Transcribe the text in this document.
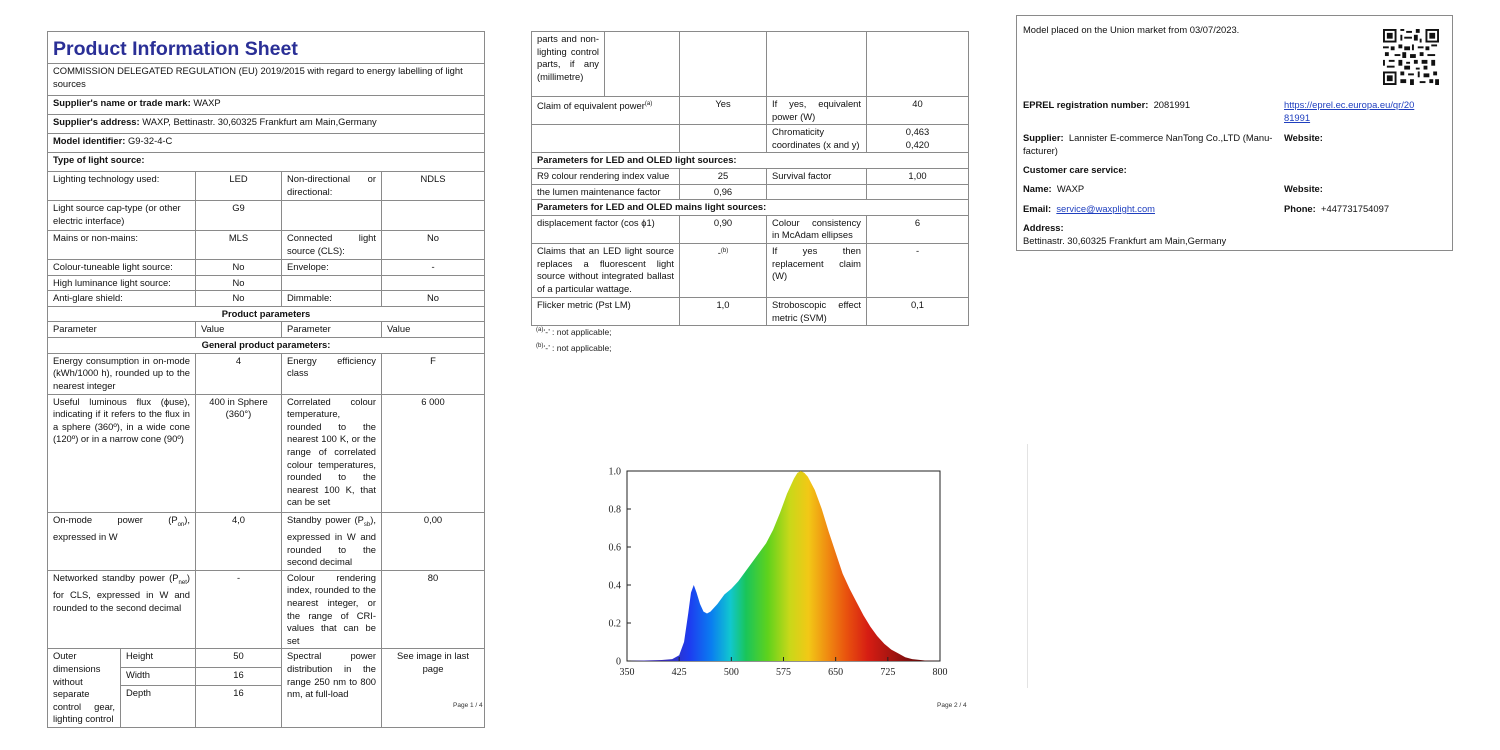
Product Information Sheet				
COMMISSION DELEGATED REGULATION (EU) 2019/2015 with regard to energy labelling of light sources				
Supplier's name or trade mark: WAXP				
Supplier's address: WAXP, Bettinastr. 30,60325 Frankfurt am Main,Germany				
Model identifier: G9-32-4-C				
Type of light source:				
Lighting technology used:		LED	Non-directional or directional:	NDLS
Light source cap-type (or other electric interface)		G9		
Mains or non-mains:		MLS	Connected light source (CLS):	No
Colour-tuneable light source:		No	Envelope:	-
High luminance light source:		No		
Anti-glare shield:		No	Dimmable:	No
Product parameters				
Parameter		Value	Parameter	Value
General product parameters:				
Energy consumption in on-mode (kWh/1000 h), rounded up to the nearest integer		4	Energy efficiency class	F
Useful luminous flux (ϕuse), indicating if it refers to the flux in a sphere (360º), in a wide cone (120º) or in a narrow cone (90º)		400 in Sphere (360°)	Correlated colour temperature, rounded to the nearest 100 K, or the range of correlated colour temperatures, rounded to the nearest 100 K, that can be set	6 000
On-mode power $(P_{on})$, expressed in W		4,0	Standby power $(P_{sb})$, expressed in W and rounded to the second decimal	0,00
Networked standby power $(P_{net})$ for CLS, expressed in W and rounded to the second decimal		-	Colour rendering index, rounded to the nearest integer, or the range of CRI-values that can be set	80
Outer dimensions without separate control gear, lighting control	Height	50	Spectral power distribution in the range 250 nm to 800 nm, at full-load	See image in last page
	Width	16		
	Depth	16		
Page 1 / 4
parts and non-lighting control parts, if any (millimetre)				
Claim of equivalent power$^{(a)}$		Yes	If yes, equivalent power (W)	40
			Chromaticity coordinates (x and y)	0,463
0,420

Parameters for LED and OLED light sources:				
R9 colour rendering index value		25	Survival factor	1,00
the lumen maintenance factor		0,96		
Parameters for LED and OLED mains light sources:				
displacement factor (cos ϕ1)		0,90	Colour consistency in McAdam ellipses	6
Claims that an LED light source replaces a fluorescent light source without integrated ballast of a particular wattage.		-$^{(b)}$	If yes then replacement claim (W)	-
Flicker metric (Pst LM)		1,0	Stroboscopic effect metric (SVM)	0,1
$^{(a)}$‘-’ : not applicable;
$^{(b)}$‘-’ : not applicable;
Page 2 / 4
350	425	500	575	650	725	800
0
0.2
0.4
0.6
0.8
1.0
Model placed on the Union market from 03/07/2023.
EPREL registration number: 2081991	https://eprel.ec.europa.eu/qr/20
81991
Supplier: Lannister E-commerce NanTong Co.,LTD (Manu-
facturer)
Website:
Customer care service:
Name: WAXP	Website:
Email: service@waxplight.com	Phone: +447731754097
Address:
Bettinastr. 30,60325 Frankfurt am Main,Germany
